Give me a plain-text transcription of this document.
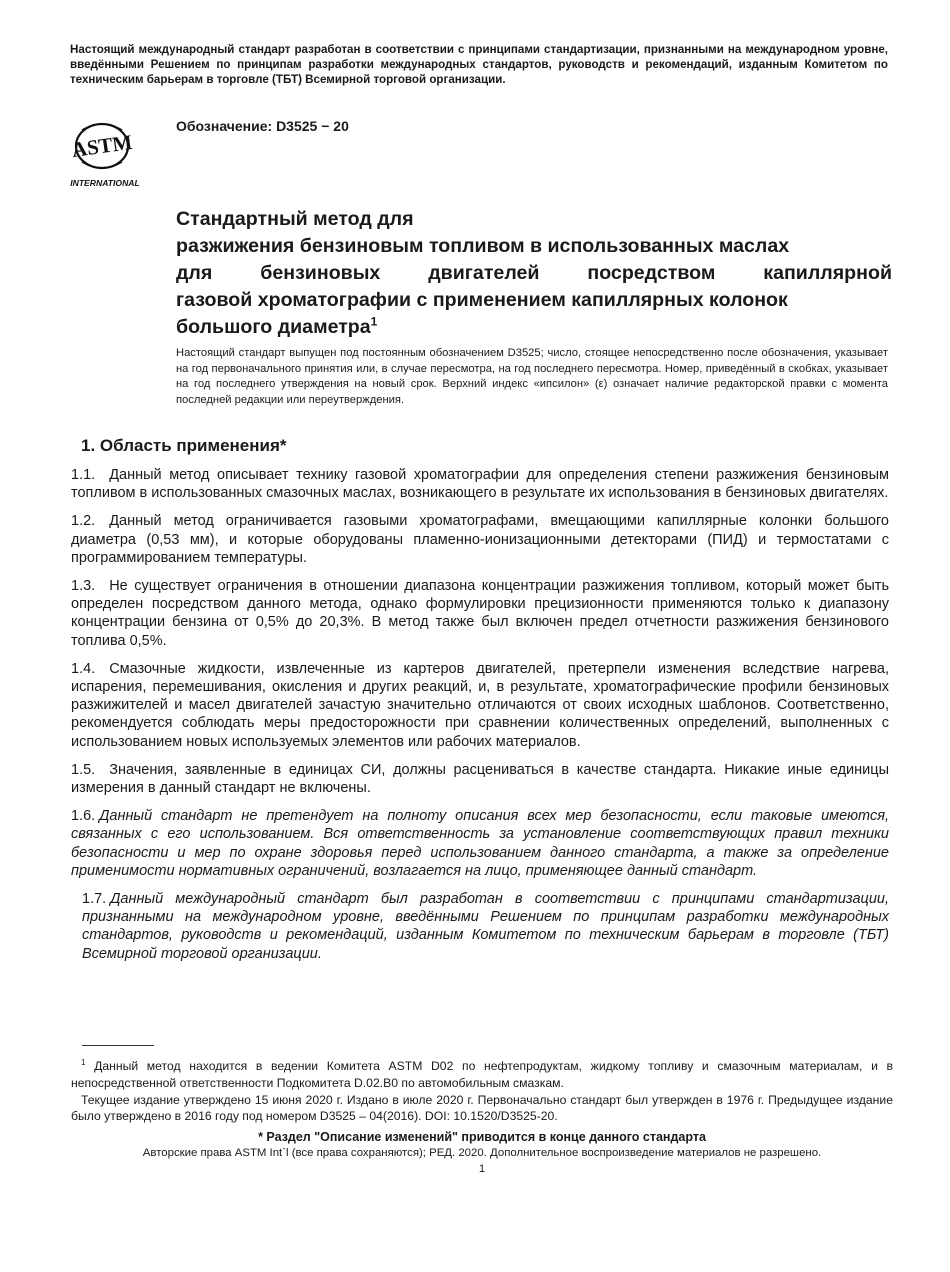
Настоящий международный стандарт разработан в соответствии с принципами стандартизации, признанными на международном уровне, введёнными Решением по принципам разработки международных стандартов, руководств и рекомендаций, изданным Комитетом по техническим барьерам в торговле (ТБТ) Всемирной торговой организации.
ASTM
INTERNATIONAL
Обозначение: D3525 − 20
Стандартный метод для
разжижения бензиновым топливом в использованных маслах
для бензиновых двигателей посредством капиллярной
газовой хроматографии с применением капиллярных колонок
большого диаметра$^1$
Настоящий стандарт выпущен под постоянным обозначением D3525; число, стоящее непосредственно после обозначения, указывает на год первоначального принятия или, в случае пересмотра, на год последнего пересмотра. Номер, приведённый в скобках, указывает на год последнего утверждения на новый срок. Верхний индекс «ипсилон» (ε) означает наличие редакторской правки с момента последней редакции или переутверждения.
1. Область применения*

1.1. Данный метод описывает технику газовой хроматографии для определения степени разжижения бензиновым топливом в использованных смазочных маслах, возникающего в результате их использования в бензиновых двигателях.

1.2. Данный метод ограничивается газовыми хроматографами, вмещающими капиллярные колонки большого диаметра (0,53 мм), и которые оборудованы пламенно-ионизационными детекторами (ПИД) и термостатами с программированием температуры.

1.3. Не существует ограничения в отношении диапазона концентрации разжижения топливом, который может быть определен посредством данного метода, однако формулировки прецизионности применяются только к диапазону концентрации бензина от 0,5% до 20,3%. В метод также был включен предел отчетности разжижения бензинового топлива 0,5%.

1.4. Смазочные жидкости, извлеченные из картеров двигателей, претерпели изменения вследствие нагрева, испарения, перемешивания, окисления и других реакций, и, в результате, хроматографические профили бензиновых разжижителей и масел двигателей зачастую значительно отличаются от своих исходных шаблонов. Соответственно, рекомендуется соблюдать меры предосторожности при сравнении количественных определений, выполненных с использованием новых используемых элементов или рабочих материалов.

1.5. Значения, заявленные в единицах СИ, должны расцениваться в качестве стандарта. Никакие иные единицы измерения в данный стандарт не включены.

1.6. Данный стандарт не претендует на полноту описания всех мер безопасности, если таковые имеются, связанных с его использованием. Вся ответственность за установление соответствующих правил техники безопасности и мер по охране здоровья перед использованием данного стандарта, а также за определение применимости нормативных ограничений, возлагается на лицо, применяющее данный стандарт.

1.7. Данный международный стандарт был разработан в соответствии с принципами стандартизации, признанными на международном уровне, введёнными Решением по принципам разработки международных стандартов, руководств и рекомендаций, изданным Комитетом по техническим барьерам в торговле (ТБТ) Всемирной торговой организации.

$^1$ Данный метод находится в ведении Комитета ASTM D02 по нефтепродуктам, жидкому топливу и смазочным материалам, и в непосредственной ответственности Подкомитета D.02.B0 по автомобильным смазкам.

Текущее издание утверждено 15 июня 2020 г. Издано в июле 2020 г. Первоначально стандарт был утвержден в 1976 г. Предыдущее издание было утверждено в 2016 году под номером D3525 – 04(2016). DOI: 10.1520/D3525-20.

* Раздел "Описание изменений" приводится в конце данного стандарта
Авторские права ASTM Int`l (все права сохраняются); РЕД. 2020. Дополнительное воспроизведение материалов не разрешено.
1
